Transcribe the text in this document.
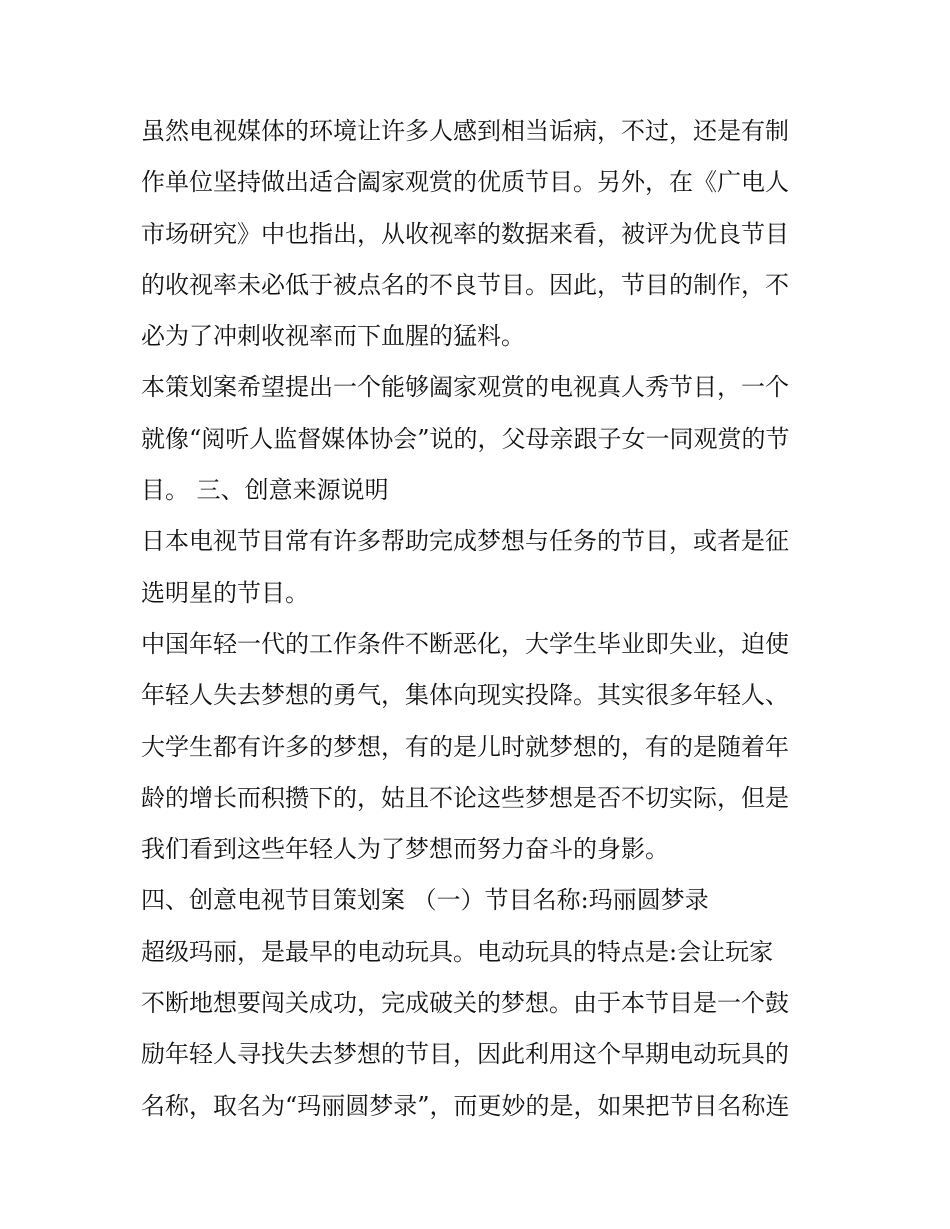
虽然电视媒体的环境让许多人感到相当诟病，不过，还是有制
作单位坚持做出适合阖家观赏的优质节目。另外，在《广电人
市场研究》中也指出，从收视率的数据来看，被评为优良节目
的收视率未必低于被点名的不良节目。因此，节目的制作，不
必为了冲刺收视率而下血腥的猛料。
本策划案希望提出一个能够阖家观赏的电视真人秀节目，一个
就像“阅听人监督媒体协会”说的，父母亲跟子女一同观赏的节
目。 三、创意来源说明
日本电视节目常有许多帮助完成梦想与任务的节目，或者是征
选明星的节目。
中国年轻一代的工作条件不断恶化，大学生毕业即失业，迫使
年轻人失去梦想的勇气，集体向现实投降。其实很多年轻人、
大学生都有许多的梦想，有的是儿时就梦想的，有的是随着年
龄的增长而积攒下的，姑且不论这些梦想是否不切实际，但是
我们看到这些年轻人为了梦想而努力奋斗的身影。
四、创意电视节目策划案 （一）节目名称:玛丽圆梦录
超级玛丽，是最早的电动玩具。电动玩具的特点是:会让玩家
不断地想要闯关成功，完成破关的梦想。由于本节目是一个鼓
励年轻人寻找失去梦想的节目，因此利用这个早期电动玩具的
名称，取名为“玛丽圆梦录”，而更妙的是，如果把节目名称连
